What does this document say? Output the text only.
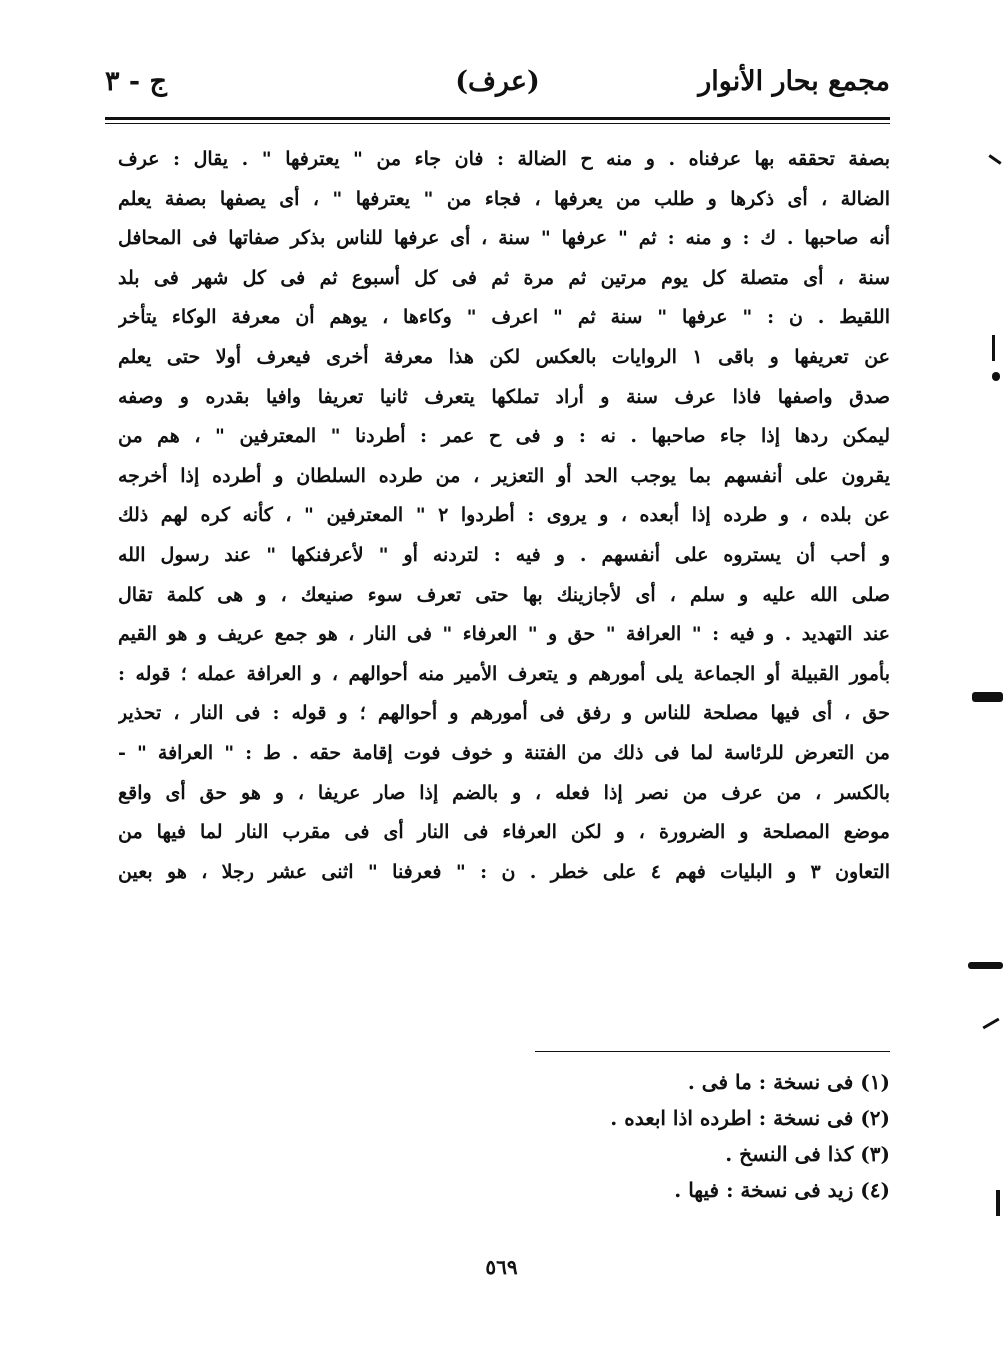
مجمع بحار الأنوار
(عرف)
ج - ٣
بصفة تحققه بها عرفناه . و منه ح الضالة : فان جاء من " يعترفها " . يقال : عرف
الضالة ، أى ذكرها و طلب من يعرفها ، فجاء من " يعترفها " ، أى يصفها بصفة يعلم
أنه صاحبها . ك : و منه : ثم " عرفها " سنة ، أى عرفها للناس بذكر صفاتها فى المحافل
سنة ، أى متصلة كل يوم مرتين ثم مرة ثم فى كل أسبوع ثم فى كل شهر فى بلد
اللقيط . ن : " عرفها " سنة ثم " اعرف " وكاءها ، يوهم أن معرفة الوكاء يتأخر
عن تعريفها و باقى ١ الروايات بالعكس لكن هذا معرفة أخرى فيعرف أولا حتى يعلم
صدق واصفها فاذا عرف سنة و أراد تملكها يتعرف ثانيا تعريفا وافيا بقدره و وصفه
ليمكن ردها إذا جاء صاحبها . نه : و فى ح عمر : أطردنا " المعترفين " ، هم من
يقرون على أنفسهم بما يوجب الحد أو التعزير ، من طرده السلطان و أطرده إذا أخرجه
عن بلده ، و طرده إذا أبعده ، و يروى : أطردوا ٢ " المعترفين " ، كأنه كره لهم ذلك
و أحب أن يستروه على أنفسهم . و فيه : لتردنه أو " لأعرفنكها " عند رسول الله
صلى الله عليه و سلم ، أى لأجازينك بها حتى تعرف سوء صنيعك ، و هى كلمة تقال
عند التهديد . و فيه : " العرافة " حق و " العرفاء " فى النار ، هو جمع عريف و هو القيم
بأمور القبيلة أو الجماعة يلى أمورهم و يتعرف الأمير منه أحوالهم ، و العرافة عمله ؛ قوله :
حق ، أى فيها مصلحة للناس و رفق فى أمورهم و أحوالهم ؛ و قوله : فى النار ، تحذير
من التعرض للرئاسة لما فى ذلك من الفتنة و خوف فوت إقامة حقه . ط : " العرافة " -
بالكسر ، من عرف من نصر إذا فعله ، و بالضم إذا صار عريفا ، و هو حق أى واقع
موضع المصلحة و الضرورة ، و لكن العرفاء فى النار أى فى مقرب النار لما فيها من
التعاون ٣ و البليات فهم ٤ على خطر . ن : " فعرفنا " اثنى عشر رجلا ، هو بعين
(١) فى نسخة : ما فى .
(٢) فى نسخة : اطرده اذا ابعده .
(٣) كذا فى النسخ .
(٤) زيد فى نسخة : فيها .
٥٦٩
